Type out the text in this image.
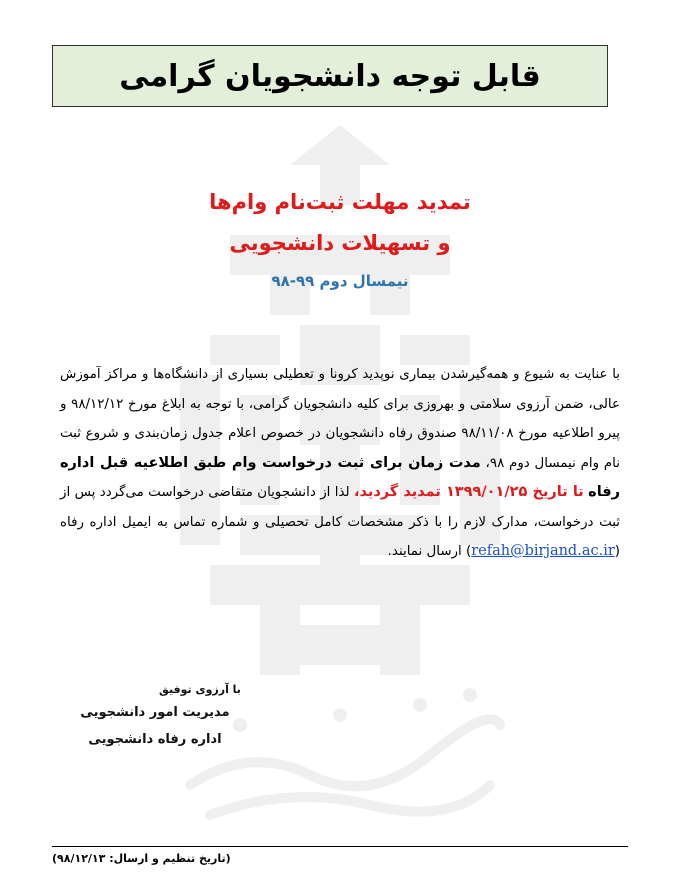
قابل توجه دانشجویان گرامی
تمدید مهلت ثبت‌نام وام‌ها
و تسهیلات دانشجویی
نیمسال دوم ۹۹-۹۸
با عنایت به شیوع و همه‌گیرشدن بیماری نوپدید کرونا و تعطیلی بسیاری از دانشگاه‌ها و مراکز آموزش عالی، ضمن آرزوی سلامتی و بهروزی برای کلیه دانشجویان گرامی، با توجه به ابلاغ مورخ ۹۸/۱۲/۱۲ و پیرو اطلاعیه مورخ ۹۸/۱۱/۰۸ صندوق رفاه دانشجویان در خصوص اعلام جدول زمان‌بندی و شروع ثبت نام وام نیمسال دوم ۹۸، مدت زمان برای ثبت درخواست وام طبق اطلاعیه قبل اداره رفاه تا تاریخ ۱۳۹۹/۰۱/۲۵ تمدید گردید، لذا از دانشجویان متقاضی درخواست می‌گردد پس از ثبت درخواست، مدارک لازم را با ذکر مشخصات کامل تحصیلی و شماره تماس به ایمیل اداره رفاه (refah@birjand.ac.ir) ارسال نمایند.
با آرزوی توفیق
مدیریت امور دانشجویی
اداره رفاه دانشجویی
(تاریخ تنظیم و ارسال: ۹۸/۱۲/۱۳)
